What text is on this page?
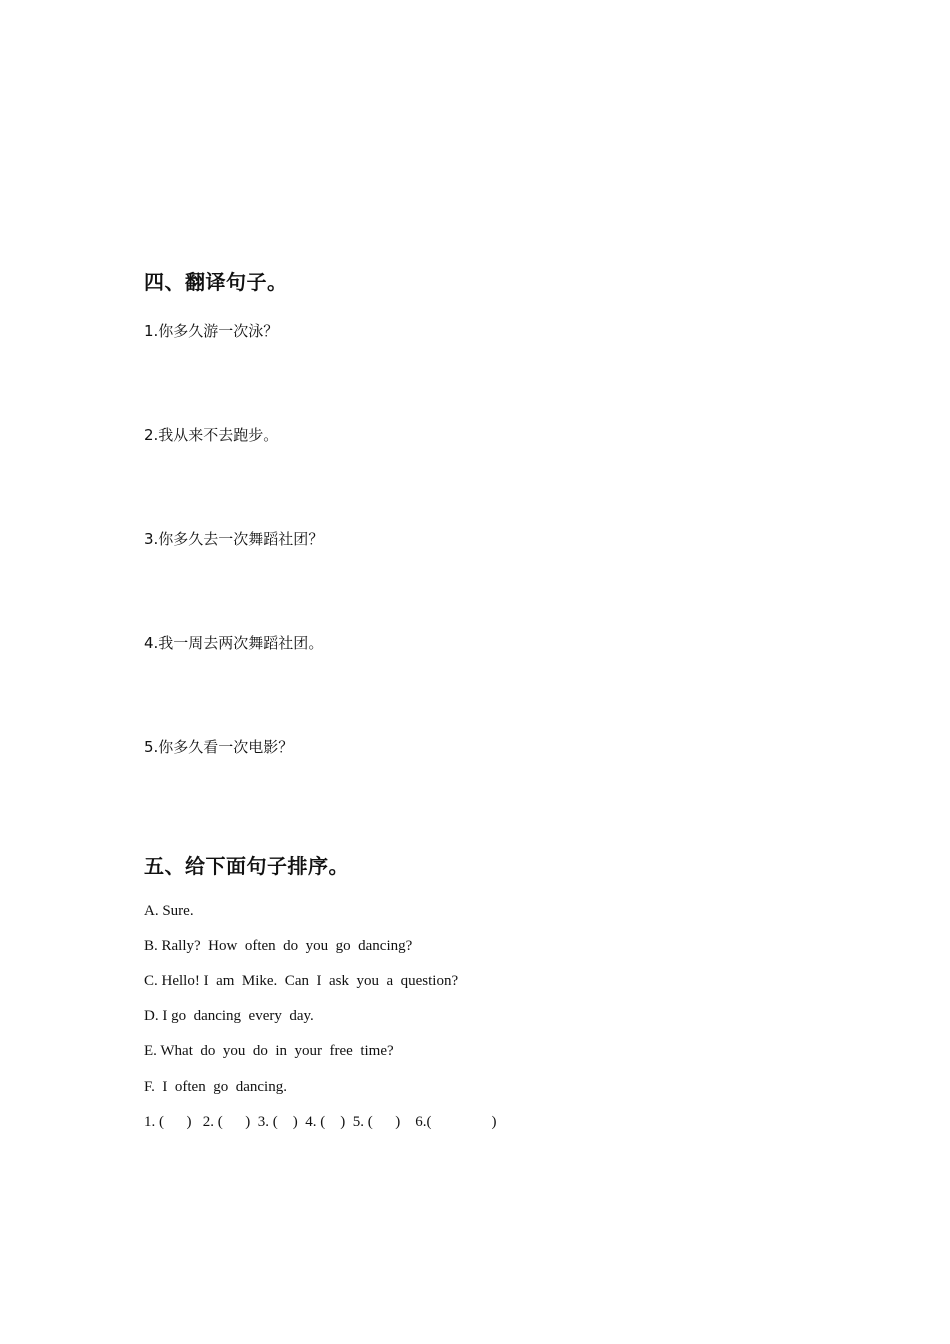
四、翻译句子。
1.你多久游一次泳？
2.我从来不去跑步。
3.你多久去一次舞蹈社团？
4.我一周去两次舞蹈社团。
5.你多久看一次电影？
五、给下面句子排序。
A. Sure.
B. Rally?  How  often  do  you  go  dancing?
C. Hello! I  am  Mike.  Can  I  ask  you  a  question?
D. I go  dancing  every  day.
E. What  do  you  do  in  your  free  time?
F.  I  often  go  dancing.
1. (      )   2. (      )  3. (    )  4. (    )  5. (      )    6.(                )
